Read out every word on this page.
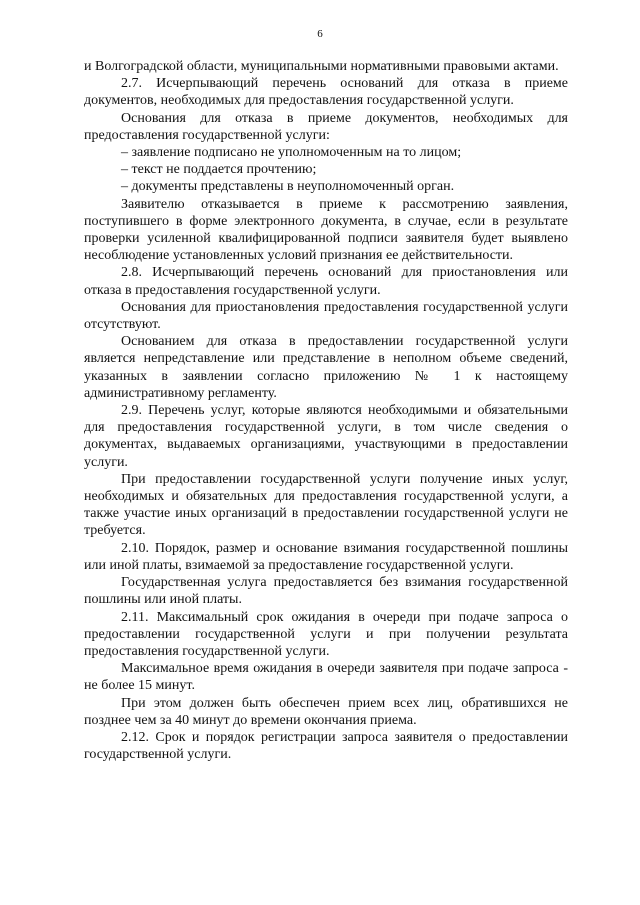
6

и Волгоградской области, муниципальными нормативными правовыми актами.

2.7. Исчерпывающий перечень оснований для отказа в приеме документов, необходимых для предоставления государственной услуги.

Основания для отказа в приеме документов, необходимых для предоставления государственной услуги:

– заявление подписано не уполномоченным на то лицом;

– текст не поддается прочтению;

– документы представлены в неуполномоченный орган.

Заявителю отказывается в приеме к рассмотрению заявления, поступившего в форме электронного документа, в случае, если в результате проверки усиленной квалифицированной подписи заявителя будет выявлено несоблюдение установленных условий признания ее действительности.

2.8. Исчерпывающий перечень оснований для приостановления или отказа в предоставления государственной услуги.

Основания для приостановления предоставления государственной услуги отсутствуют.

Основанием для отказа в предоставлении государственной услуги является непредставление или представление в неполном объеме сведений, указанных в заявлении согласно приложению № 1 к настоящему административному регламенту.

2.9. Перечень услуг, которые являются необходимыми и обязательными для предоставления государственной услуги, в том числе сведения о документах, выдаваемых организациями, участвующими в предоставлении услуги.

При предоставлении государственной услуги получение иных услуг, необходимых и обязательных для предоставления государственной услуги, а также участие иных организаций в предоставлении государственной услуги не требуется.

2.10. Порядок, размер и основание взимания государственной пошлины или иной платы, взимаемой за предоставление государственной услуги.

Государственная услуга предоставляется без взимания государственной пошлины или иной платы.

2.11. Максимальный срок ожидания в очереди при подаче запроса о предоставлении государственной услуги и при получении результата предоставления государственной услуги.

Максимальное время ожидания в очереди заявителя при подаче запроса - не более 15 минут.

При этом должен быть обеспечен прием всех лиц, обратившихся не позднее чем за 40 минут до времени окончания приема.

2.12. Срок и порядок регистрации запроса заявителя о предоставлении государственной услуги.
